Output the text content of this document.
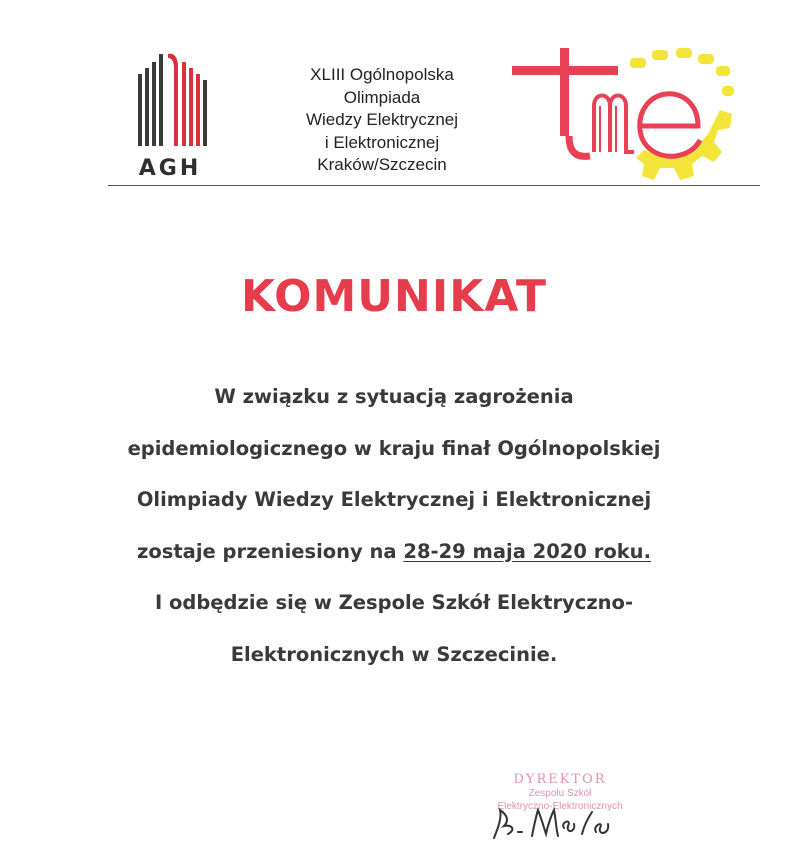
AGH
XLIII Ogólnopolska
Olimpiada
Wiedzy Elektrycznej
i Elektronicznej
Kraków/Szczecin
KOMUNIKAT
W związku z sytuacją zagrożenia
epidemiologicznego w kraju finał Ogólnopolskiej
Olimpiady Wiedzy Elektrycznej i Elektronicznej
zostaje przeniesiony na 28-29 maja 2020 roku.
I odbędzie się w Zespole Szkół Elektryczno-
Elektronicznych w Szczecinie.
DYREKTOR
Zespołu Szkół
Elektryczno-Elektronicznych
